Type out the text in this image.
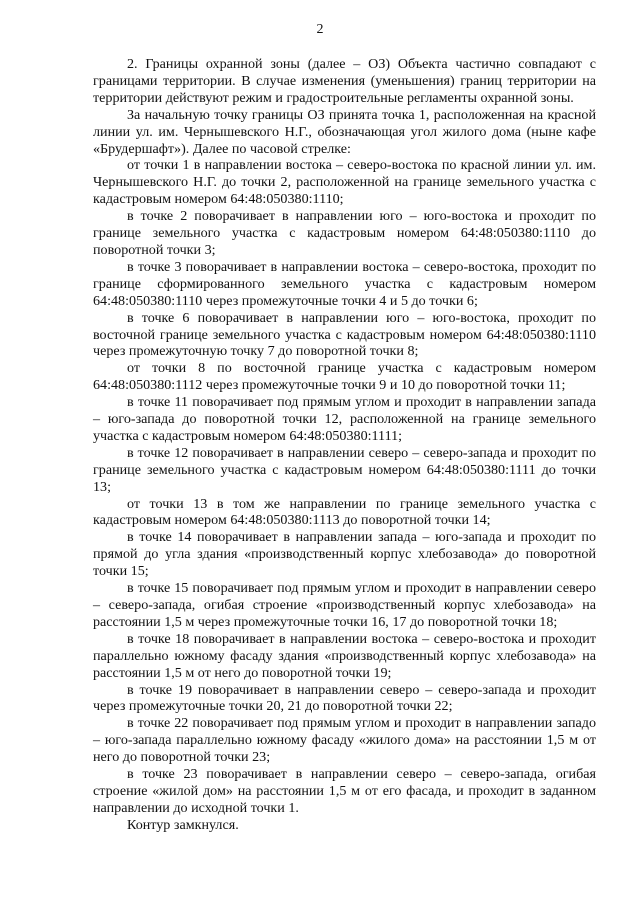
2

2. Границы охранной зоны (далее – ОЗ) Объекта частично совпадают с границами территории. В случае изменения (уменьшения) границ территории на территории действуют режим и градостроительные регламенты охранной зоны.

За начальную точку границы ОЗ принята точка 1, расположенная на красной линии ул. им. Чернышевского Н.Г., обозначающая угол жилого дома (ныне кафе «Брудершафт»). Далее по часовой стрелке:

от точки 1 в направлении востока – северо-востока по красной линии ул. им. Чернышевского Н.Г. до точки 2, расположенной на границе земельного участка с кадастровым номером 64:48:050380:1110;

в точке 2 поворачивает в направлении юго – юго-востока и проходит по границе земельного участка с кадастровым номером 64:48:050380:1110 до поворотной точки 3;

в точке 3 поворачивает в направлении востока – северо-востока, проходит по границе сформированного земельного участка с кадастровым номером 64:48:050380:1110 через промежуточные точки 4 и 5 до точки 6;

в точке 6 поворачивает в направлении юго – юго-востока, проходит по восточной границе земельного участка с кадастровым номером 64:48:050380:1110 через промежуточную точку 7 до поворотной точки 8;

от точки 8 по восточной границе участка с кадастровым номером 64:48:050380:1112 через промежуточные точки 9 и 10 до поворотной точки 11;

в точке 11 поворачивает под прямым углом и проходит в направлении запада – юго-запада до поворотной точки 12, расположенной на границе земельного участка с кадастровым номером 64:48:050380:1111;

в точке 12 поворачивает в направлении северо – северо-запада и проходит по границе земельного участка с кадастровым номером 64:48:050380:1111 до точки 13;

от точки 13 в том же направлении по границе земельного участка с кадастровым номером 64:48:050380:1113 до поворотной точки 14;

в точке 14 поворачивает в направлении запада – юго-запада и проходит по прямой до угла здания «производственный корпус хлебозавода» до поворотной точки 15;

в точке 15 поворачивает под прямым углом и проходит в направлении северо – северо-запада, огибая строение «производственный корпус хлебозавода» на расстоянии 1,5 м через промежуточные точки 16, 17 до поворотной точки 18;

в точке 18 поворачивает в направлении востока – северо-востока и проходит параллельно южному фасаду здания «производственный корпус хлебозавода» на расстоянии 1,5 м от него до поворотной точки 19;

в точке 19 поворачивает в направлении северо – северо-запада и проходит через промежуточные точки 20, 21 до поворотной точки 22;

в точке 22 поворачивает под прямым углом и проходит в направлении западо – юго-запада параллельно южному фасаду «жилого дома» на расстоянии 1,5 м от него до поворотной точки 23;

в точке 23 поворачивает в направлении северо – северо-запада, огибая строение «жилой дом» на расстоянии 1,5 м от его фасада, и проходит в заданном направлении до исходной точки 1.

Контур замкнулся.
